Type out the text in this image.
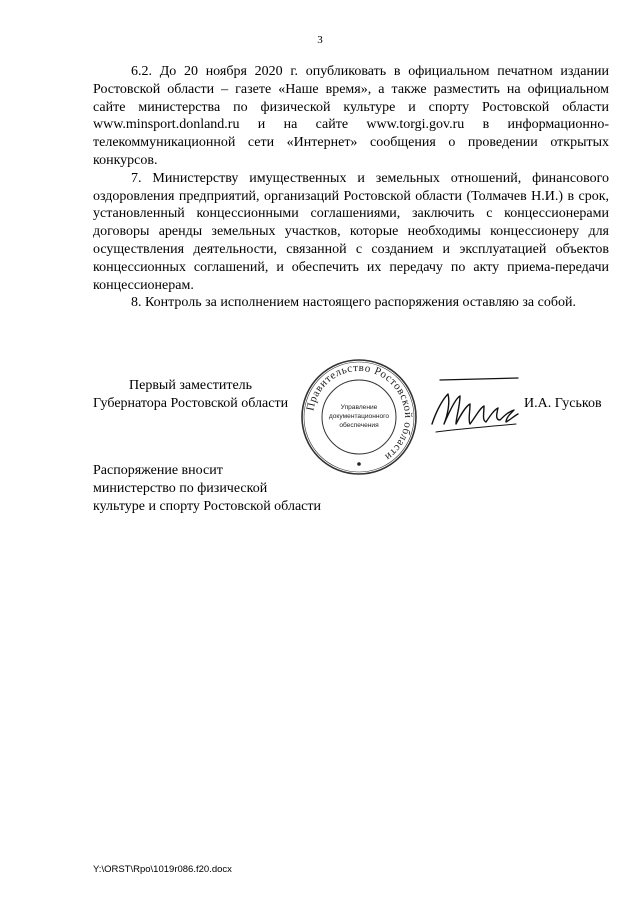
3

6.2. До 20 ноября 2020 г. опубликовать в официальном печатном издании Ростовской области – газете «Наше время», а также разместить на официальном сайте министерства по физической культуре и спорту Ростовской области www.minsport.donland.ru и на сайте www.torgi.gov.ru в информационно-телекоммуникационной сети «Интернет» сообщения о проведении открытых конкурсов.

7. Министерству имущественных и земельных отношений, финансового оздоровления предприятий, организаций Ростовской области (Толмачев Н.И.) в срок, установленный концессионными соглашениями, заключить с концессионерами договоры аренды земельных участков, которые необходимы концессионеру для осуществления деятельности, связанной с созданием и эксплуатацией объектов концессионных соглашений, и обеспечить их передачу по акту приема-передачи концессионерам.

8. Контроль за исполнением настоящего распоряжения оставляю за собой.

Первый заместитель
Губернатора Ростовской области Правительство Ростовской области
Управление
документационного
обеспечения
И.А. Гуськов
Распоряжение вносит
министерство по физической
культуре и спорту Ростовской области
Y:\ORST\Rpo\1019r086.f20.docx
